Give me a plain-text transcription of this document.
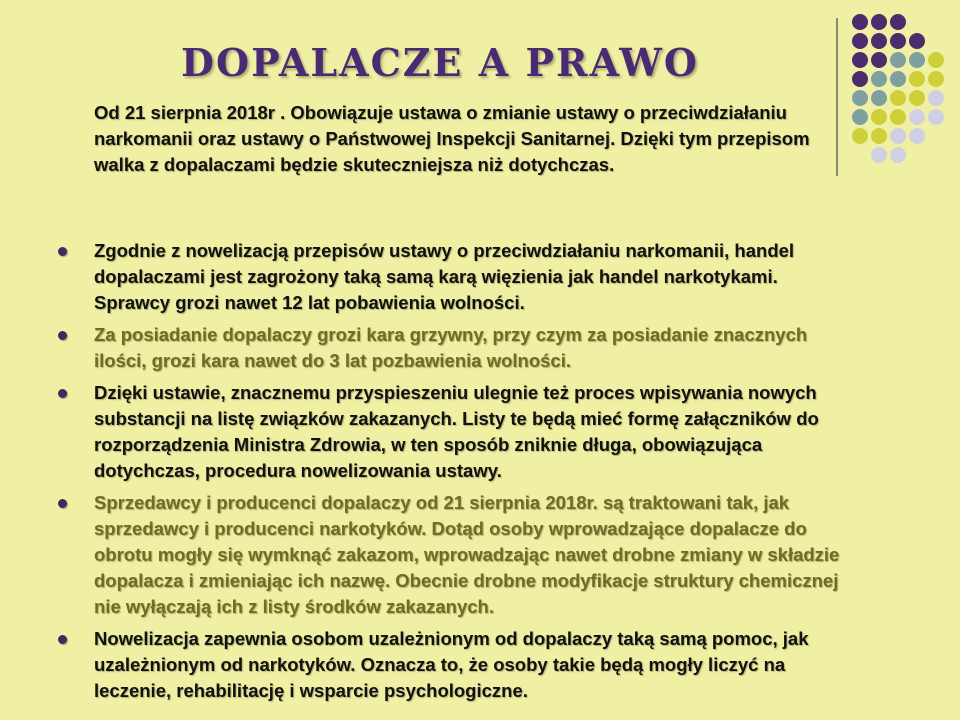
DOPALACZE A PRAWO

Od 21 sierpnia 2018r . Obowiązuje ustawa o zmianie ustawy o przeciwdziałaniu narkomanii oraz ustawy o Państwowej Inspekcji Sanitarnej. Dzięki tym przepisom walka z dopalaczami będzie skuteczniejsza niż dotychczas.

Zgodnie z nowelizacją przepisów ustawy o przeciwdziałaniu narkomanii, handel dopalaczami jest zagrożony taką samą karą więzienia jak handel narkotykami. Sprawcy grozi nawet 12 lat pobawienia wolności.
Za posiadanie dopalaczy grozi kara grzywny, przy czym za posiadanie znacznych ilości, grozi kara nawet do 3 lat pozbawienia wolności.
Dzięki ustawie, znacznemu przyspieszeniu ulegnie też proces wpisywania nowych substancji na listę związków zakazanych. Listy te będą mieć formę załączników do rozporządzenia Ministra Zdrowia, w ten sposób zniknie długa, obowiązująca dotychczas, procedura nowelizowania ustawy.
Sprzedawcy i producenci dopalaczy od 21 sierpnia 2018r. są traktowani tak, jak sprzedawcy i producenci narkotyków. Dotąd osoby wprowadzające dopalacze do obrotu mogły się wymknąć zakazom, wprowadzając nawet drobne zmiany w składzie dopalacza i zmieniając ich nazwę. Obecnie drobne modyfikacje struktury chemicznej nie wyłączają ich z listy środków zakazanych.
Nowelizacja zapewnia osobom uzależnionym od dopalaczy taką samą pomoc, jak uzależnionym od narkotyków. Oznacza to, że osoby takie będą mogły liczyć na leczenie, rehabilitację i wsparcie psychologiczne.
